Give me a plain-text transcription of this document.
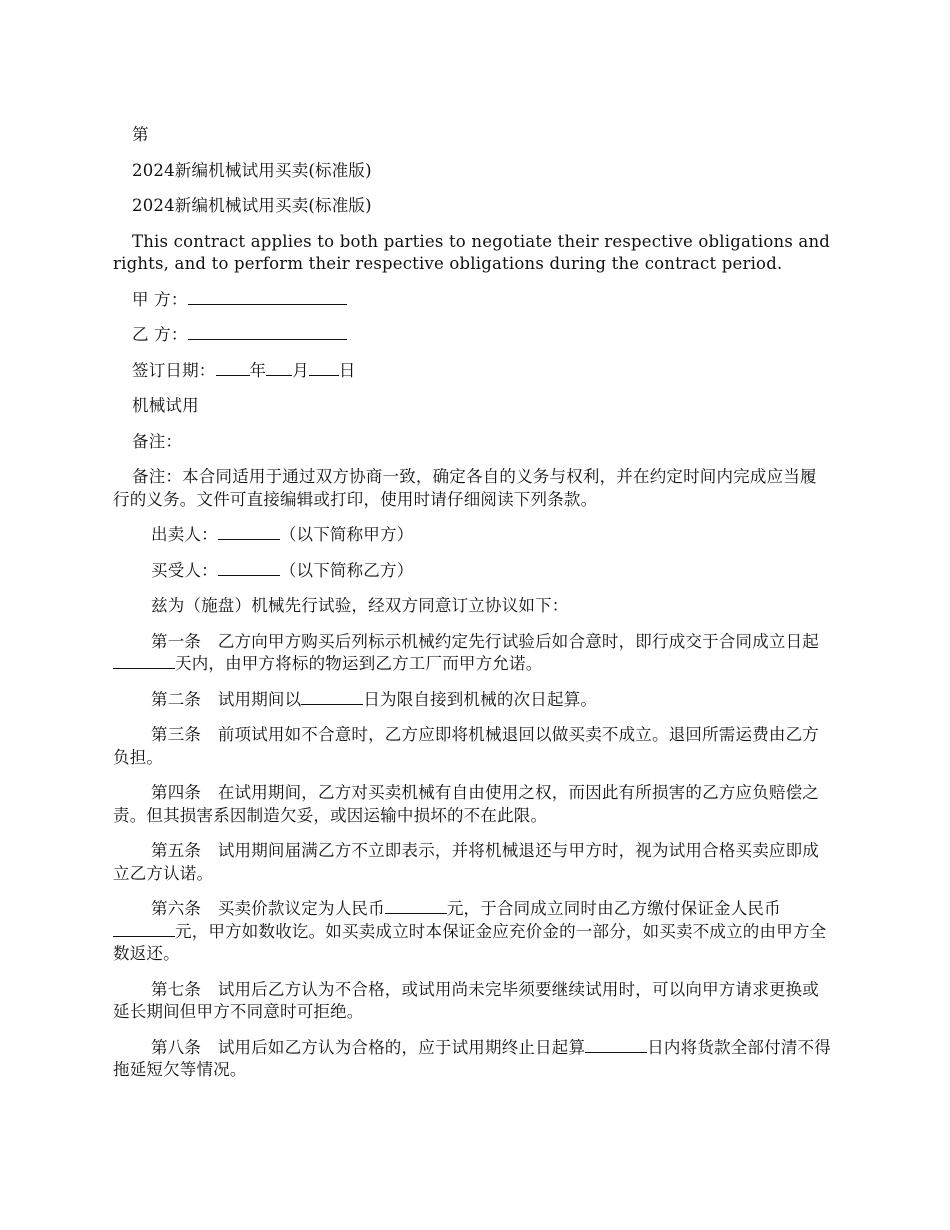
第

2024新编机械试用买卖(标准版)

2024新编机械试用买卖(标准版)

This contract applies to both parties to negotiate their respective obligations and rights, and to perform their respective obligations during the contract period.

甲 方：

乙 方：

签订日期： 年 月 日

机械试用

备注：

备注：本合同适用于通过双方协商一致，确定各自的义务与权利，并在约定时间内完成应当履行的义务。文件可直接编辑或打印，使用时请仔细阅读下列条款。

出卖人：	（以下简称甲方）

买受人：	（以下简称乙方）

兹为（施盘）机械先行试验，经双方同意订立协议如下：

第一条　 乙方向甲方购买后列标示机械约定先行试验后如合意时，即行成交于合同成立日起天内，由甲方将标的物运到乙方工厂而甲方允诺。

第二条　 试用期间以	日为限自接到机械的次日起算。

第三条　 前项试用如不合意时，乙方应即将机械退回以做买卖不成立。退回所需运费由乙方负担。

第四条　 在试用期间，乙方对买卖机械有自由使用之权，而因此有所损害的乙方应负赔偿之责。但其损害系因制造欠妥，或因运输中损坏的不在此限。

第五条　 试用期间届满乙方不立即表示，并将机械退还与甲方时，视为试用合格买卖应即成立乙方认诺。

第六条　 买卖价款议定为人民币	元，于合同成立同时由乙方缴付保证金人民币元，甲方如数收讫。如买卖成立时本保证金应充价金的一部分，如买卖不成立的由甲方全数返还。

第七条　 试用后乙方认为不合格，或试用尚未完毕须要继续试用时，可以向甲方请求更换或延长期间但甲方不同意时可拒绝。

第八条　 试用后如乙方认为合格的，应于试用期终止日起算	日内将货款全部付清不得拖延短欠等情况。
